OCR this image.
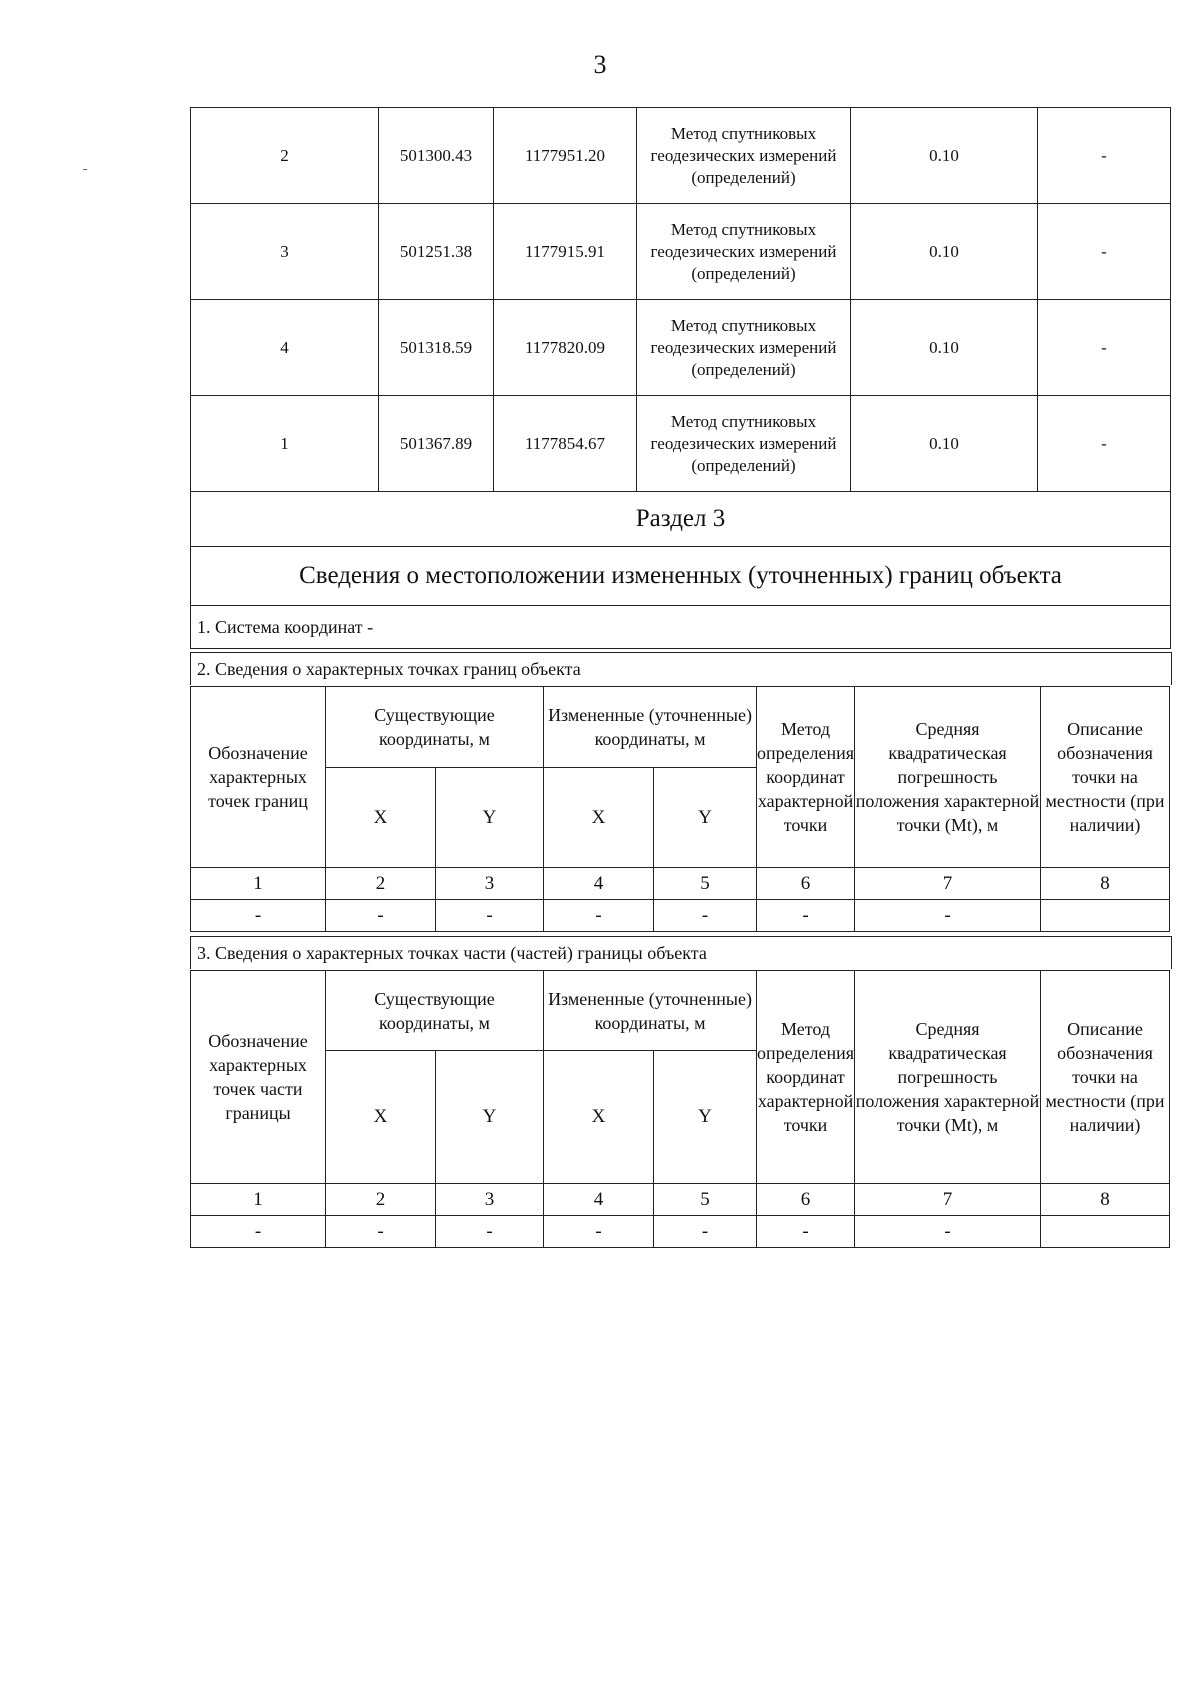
3
2	501300.43	1177951.20	Метод спутниковых геодезических измерений (определений)	0.10	-
3	501251.38	1177915.91	Метод спутниковых геодезических измерений (определений)	0.10	-
4	501318.59	1177820.09	Метод спутниковых геодезических измерений (определений)	0.10	-
1	501367.89	1177854.67	Метод спутниковых геодезических измерений (определений)	0.10	-
Раздел 3					
Сведения о местоположении измененных (уточненных) границ объекта					
1. Система координат -					
2. Сведения о характерных точках границ объекта
Обозначение характерных точек границ	Существующие координаты, м		Измененные (уточненные) координаты, м		Метод определения координат характерной точки	Средняя квадратическая погрешность положения характерной точки (Mt), м	Описание обозначения точки на местности (при наличии)
	X	Y	X	Y			
1	2	3	4	5	6	7	8
-	-	-	-	-	-	-	
3. Сведения о характерных точках части (частей) границы объекта
Обозначение характерных точек части границы	Существующие координаты, м		Измененные (уточненные) координаты, м		Метод определения координат характерной точки	Средняя квадратическая погрешность положения характерной точки (Mt), м	Описание обозначения точки на местности (при наличии)
	X	Y	X	Y			
1	2	3	4	5	6	7	8
-	-	-	-	-	-	-	
